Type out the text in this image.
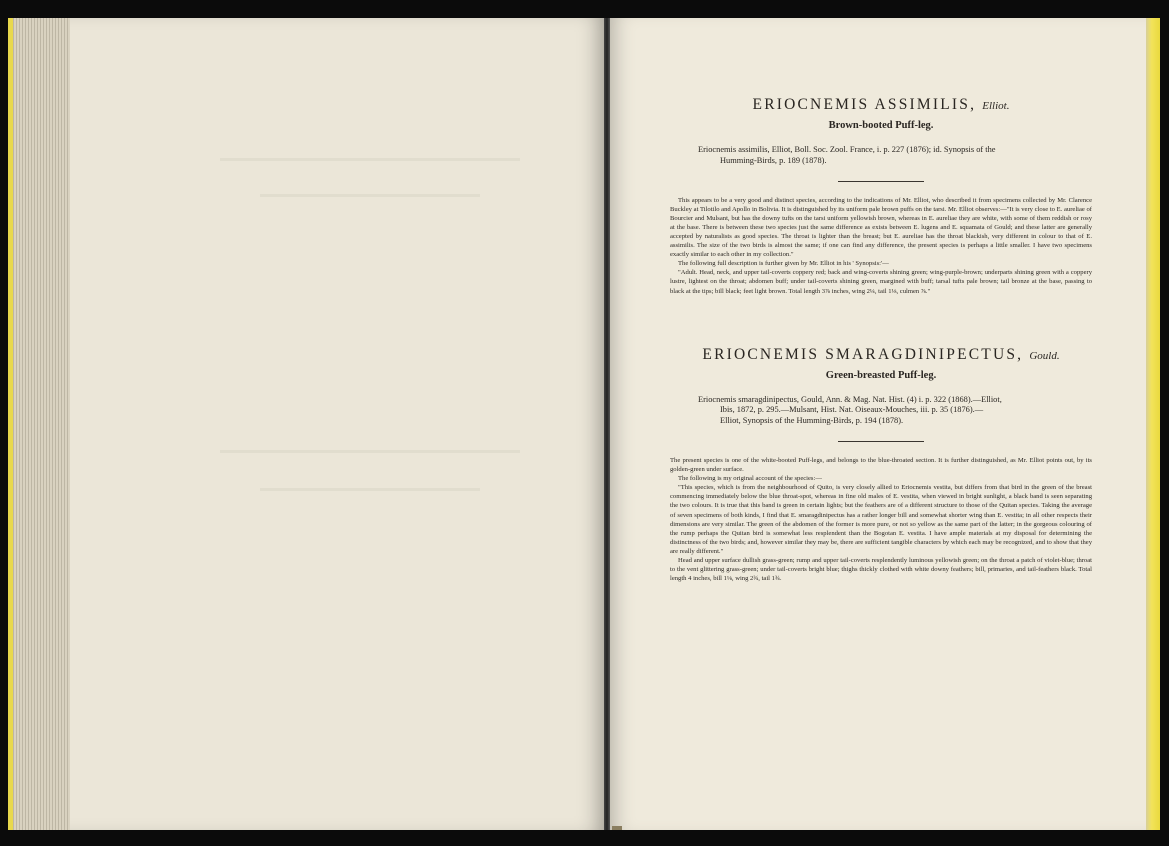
ERIOCNEMIS ASSIMILIS, Elliot.
Brown-booted Puff-leg.
Eriocnemis assimilis, Elliot, Boll. Soc. Zool. France, i. p. 227 (1876); id. Synopsis of the
Humming-Birds, p. 189 (1878).

This appears to be a very good and distinct species, according to the indications of Mr. Elliot, who described it from specimens collected by Mr. Clarence Buckley at Tilotilo and Apollo in Bolivia. It is distinguished by its uniform pale brown puffs on the tarsi. Mr. Elliot observes:—"It is very close to E. aureliae of Bourcier and Mulsant, but has the downy tufts on the tarsi uniform yellowish brown, whereas in E. aureliae they are white, with some of them reddish or rosy at the base. There is between these two species just the same difference as exists between E. lugens and E. squamata of Gould; and these latter are generally accepted by naturalists as good species. The throat is lighter than the breast; but E. aureliae has the throat blackish, very different in colour to that of E. assimilis. The size of the two birds is almost the same; if one can find any difference, the present species is perhaps a little smaller. I have two specimens exactly similar to each other in my collection."

The following full description is further given by Mr. Elliot in his ' Synopsis:'—

"Adult. Head, neck, and upper tail-coverts coppery red; back and wing-coverts shining green; wing-purple-brown; underparts shining green with a coppery lustre, lightest on the throat; abdomen buff; under tail-coverts shining green, margined with buff; tarsal tufts pale brown; tail bronze at the base, passing to black at the tips; bill black; feet light brown. Total length 3⅞ inches, wing 2¼, tail 1⅛, culmen ⅞."

ERIOCNEMIS SMARAGDINIPECTUS, Gould.
Green-breasted Puff-leg.
Eriocnemis smaragdinipectus, Gould, Ann. & Mag. Nat. Hist. (4) i. p. 322 (1868).—Elliot,
Ibis, 1872, p. 295.—Mulsant, Hist. Nat. Oiseaux-Mouches, iii. p. 35 (1876).—
Elliot, Synopsis of the Humming-Birds, p. 194 (1878).

The present species is one of the white-booted Puff-legs, and belongs to the blue-throated section. It is further distinguished, as Mr. Elliot points out, by its golden-green under surface.

The following is my original account of the species:—

"This species, which is from the neighbourhood of Quito, is very closely allied to Eriocnemis vestita, but differs from that bird in the green of the breast commencing immediately below the blue throat-spot, whereas in fine old males of E. vestita, when viewed in bright sunlight, a black band is seen separating the two colours. It is true that this band is green in certain lights; but the feathers are of a different structure to those of the Quitan species. Taking the average of seven specimens of both kinds, I find that E. smaragdinipectus has a rather longer bill and somewhat shorter wing than E. vestita; in all other respects their dimensions are very similar. The green of the abdomen of the former is more pure, or not so yellow as the same part of the latter; in the gorgeous colouring of the rump perhaps the Quitan bird is somewhat less resplendent than the Bogotan E. vestita. I have ample materials at my disposal for determining the distinctness of the two birds; and, however similar they may be, there are sufficient tangible characters by which each may be recognized, and to show that they are really different."

Head and upper surface dullish grass-green; rump and upper tail-coverts resplendently luminous yellowish green; on the throat a patch of violet-blue; throat to the vent glittering grass-green; under tail-coverts bright blue; thighs thickly clothed with white downy feathers; bill, primaries, and tail-feathers black. Total length 4 inches, bill 1⅛, wing 2¾, tail 1¾.
